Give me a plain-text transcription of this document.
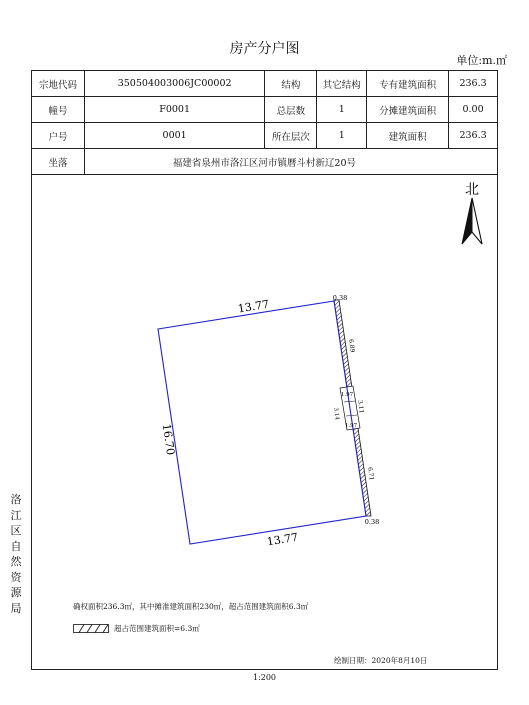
房产分户图
单位:m.㎡
宗地代码	350504003006JC00002	结构	其它结构	专有建筑面积	236.3
幢号	F0001	总层数	1	分摊建筑面积	0.00
户号	0001	所在层次	1	建筑面积	236.3
坐落	福建省泉州市洛江区河市镇曆斗村新辽20号				
北
13.77
16.70
13.77
0.38
0.38
6.89
3.11
6.71
1.97
1.97
3.14
确权面积236.3㎡，其中摊准建筑面积230㎡，超占范围建筑面积6.3㎡
超占范围建筑面积=6.3㎡
绘制日期：2020年8月10日
洛
江
区
自
然
资
源
局
1:200
